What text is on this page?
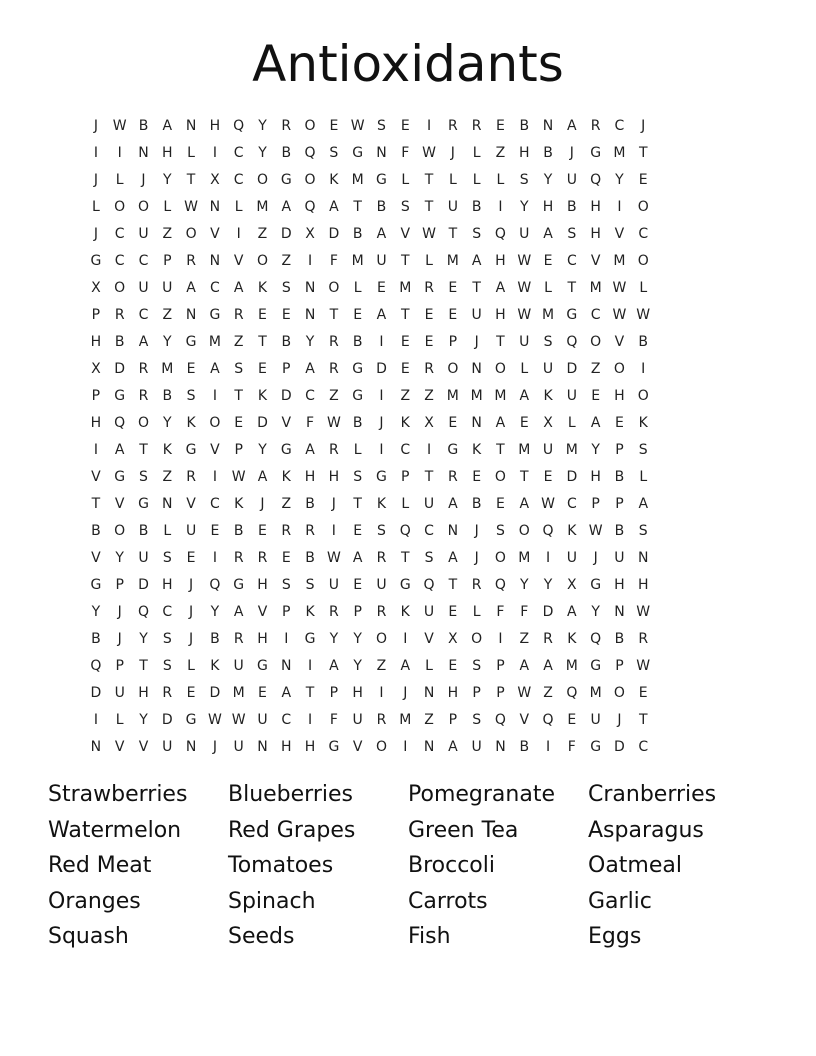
Antioxidants
J	W B	A N H Q	Y	R O E W S	E	I	R	R	E	B N A	R	C	J
I	I	N H	L	I	C	Y	B Q S G N	F W	J	L	Z H B	J	G M T
J	L	J	Y	T	X	C O G O K M G	L	T	L	L	L	S	Y	U Q	Y	E
L	O O	L W N	L M A Q A	T	B	S	T	U B	I	Y	H B H	I	O
J	C U Z O V	I	Z D X D B	A	V W T	S Q U A	S	H V	C
G C	C	P	R N V O Z	I	F M U	T	L M A H W E	C	V M O
X O U U A	C	A	K	S	N O	L	E M R	E	T	A W L	T M W L
P	R	C	Z N G R	E	E	N	T	E	A	T	E	E	U H W M G C W W
H B	A	Y	G M Z	T	B	Y	R	B	I	E	E	P	J	T	U	S Q O V	B
X D R M E	A	S	E	P	A	R G D E	R O N O	L	U D Z O	I
P	G R	B	S	I	T	K D C	Z G	I	Z	Z M M M A	K	U	E	H O
H Q O	Y	K O E D V	F W B	J	K	X	E	N A	E	X	L	A	E	K
I	A	T	K G V	P	Y	G A	R	L	I	C	I	G K	T M U M Y	P	S
V G S	Z	R	I	W A	K H H	S G	P	T	R	E O	T	E D H B	L
T	V G N V	C	K	J	Z	B	J	T	K	L	U A	B	E	A W C	P	P	A
B O B	L	U	E	B	E	R	R	I	E	S Q C N	J	S O Q K W B	S
V	Y	U	S	E	I	R	R	E	B W A	R	T	S	A	J	O M	I	U	J	U N
G	P	D H	J	Q G H	S	S	U	E	U G Q	T	R Q	Y	Y	X G H H
Y	J	Q C	J	Y	A	V	P	K	R	P	R	K	U	E	L	F	F	D A	Y	N W
B	J	Y	S	J	B	R H	I	G	Y	Y	O	I	V	X O	I	Z	R	K Q B	R
Q	P	T	S	L	K	U G N	I	A	Y	Z	A	L	E	S	P	A	A M G	P W
D U H R	E D M E	A	T	P	H	I	J	N H	P	P W Z Q M O E
I	L	Y	D G W W U C	I	F	U R M Z	P	S Q V Q E	U	J	T
N V	V U N	J	U N H H G V O	I	N A U N B	I	F	G D C
Strawberries	Blueberries	Pomegranate	Cranberries
Watermelon	Red Grapes	Green Tea	Asparagus
Red Meat	Tomatoes	Broccoli	Oatmeal
Oranges	Spinach	Carrots	Garlic
Squash	Seeds	Fish	Eggs
